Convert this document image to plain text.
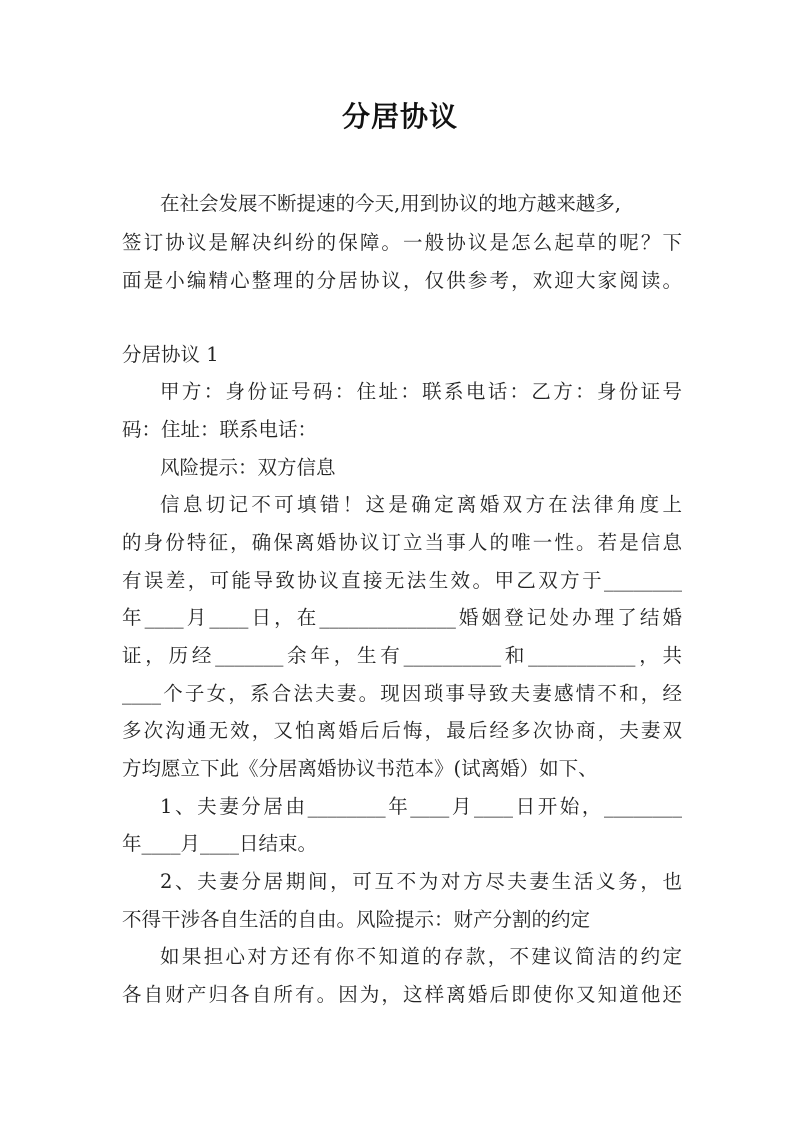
分居协议
在社会发展不断提速的今天,用到协议的地方越来越多,
签订协议是解决纠纷的保障。一般协议是怎么起草的呢？下
面是小编精心整理的分居协议，仅供参考，欢迎大家阅读。
分居协议 1
甲方：身份证号码：住址：联系电话：乙方：身份证号
码：住址：联系电话：
风险提示：双方信息
信息切记不可填错！这是确定离婚双方在法律角度上
的身份特征，确保离婚协议订立当事人的唯一性。若是信息
有误差，可能导致协议直接无法生效。甲乙双方于________
年____月____日，在______________婚姻登记处办理了结婚
证，历经_______余年，生有__________和___________，共
____个子女，系合法夫妻。现因琐事导致夫妻感情不和，经
多次沟通无效，又怕离婚后后悔，最后经多次协商，夫妻双
方均愿立下此《分居离婚协议书范本》(试离婚）如下、
1、夫妻分居由________年____月____日开始，________
年____月____日结束。
2、夫妻分居期间，可互不为对方尽夫妻生活义务，也
不得干涉各自生活的自由。风险提示：财产分割的约定
如果担心对方还有你不知道的存款，不建议简洁的约定
各自财产归各自所有。因为，这样离婚后即使你又知道他还
